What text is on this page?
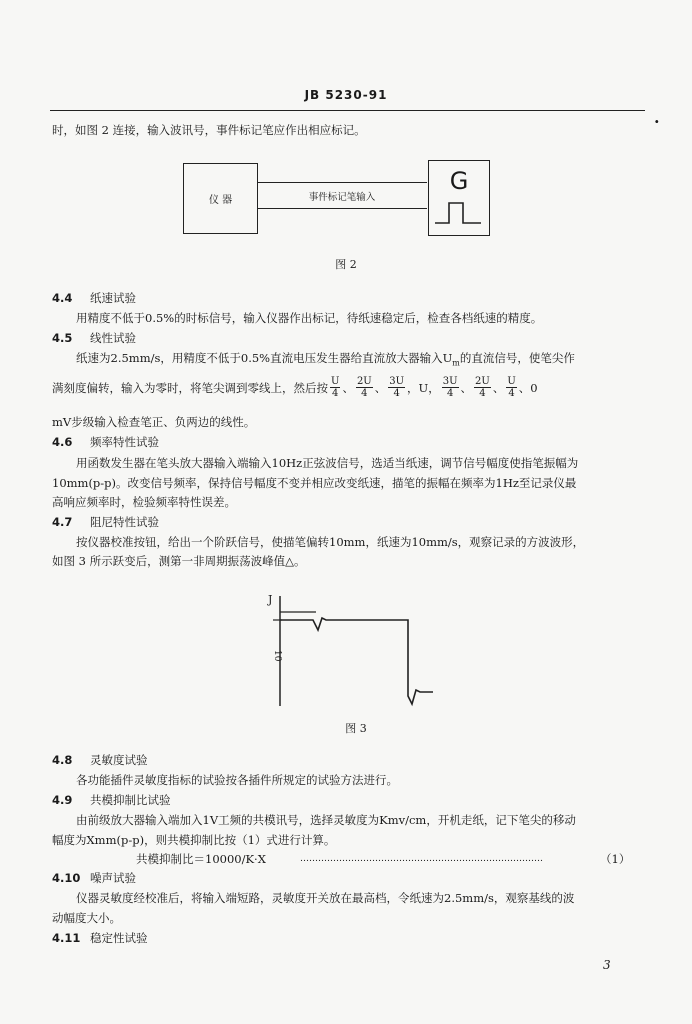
JB 5230-91
·
时，如图 2 连接，输入波讯号，事件标记笔应作出相应标记。
仪 器	事件标记笔输入
G
图 2
4.4 纸速试验
用精度不低于0.5%的时标信号，输入仪器作出标记，待纸速稳定后，检查各档纸速的精度。
4.5 线性试验
纸速为2.5mm/s，用精度不低于0.5%直流电压发生器给直流放大器输入$U_m$的直流信号，使笔尖作
满刻度偏转，输入为零时，将笔尖调到零线上，然后按 $\frac{U}{4}$ 、 $\frac{2U}{4}$ 、 $\frac{3U}{4}$ ，U， $\frac{3U}{4}$ 、 $\frac{2U}{4}$ 、 $\frac{U}{4}$ 、0
mV步级输入检查笔正、负两边的线性。
4.6 频率特性试验
用函数发生器在笔头放大器输入端输入10Hz正弦波信号，选适当纸速，调节信号幅度使指笔振幅为
10mm(p-p)。改变信号频率，保持信号幅度不变并相应改变纸速，描笔的振幅在频率为1Hz至记录仪最
高响应频率时，检验频率特性误差。
4.7 阻尼特性试验
按仪器校准按钮，给出一个阶跃信号，使描笔偏转10mm，纸速为10mm/s，观察记录的方波波形，
如图 3 所示跃变后，测第一非周期振荡波峰值△。
J
10
图 3
4.8 灵敏度试验
各功能插件灵敏度指标的试验按各插件所规定的试验方法进行。
4.9 共模抑制比试验
由前级放大器输入端加入1V工频的共模讯号，选择灵敏度为Kmv/cm，开机走纸，记下笔尖的移动
幅度为Xmm(p-p)，则共模抑制比按（1）式进行计算。
共模抑制比＝10000/K·X	………………………………………………………………………	（1）
4.10 噪声试验
仪器灵敏度经校准后，将输入端短路，灵敏度开关放在最高档，令纸速为2.5mm/s，观察基线的波
动幅度大小。
4.11 稳定性试验
3
